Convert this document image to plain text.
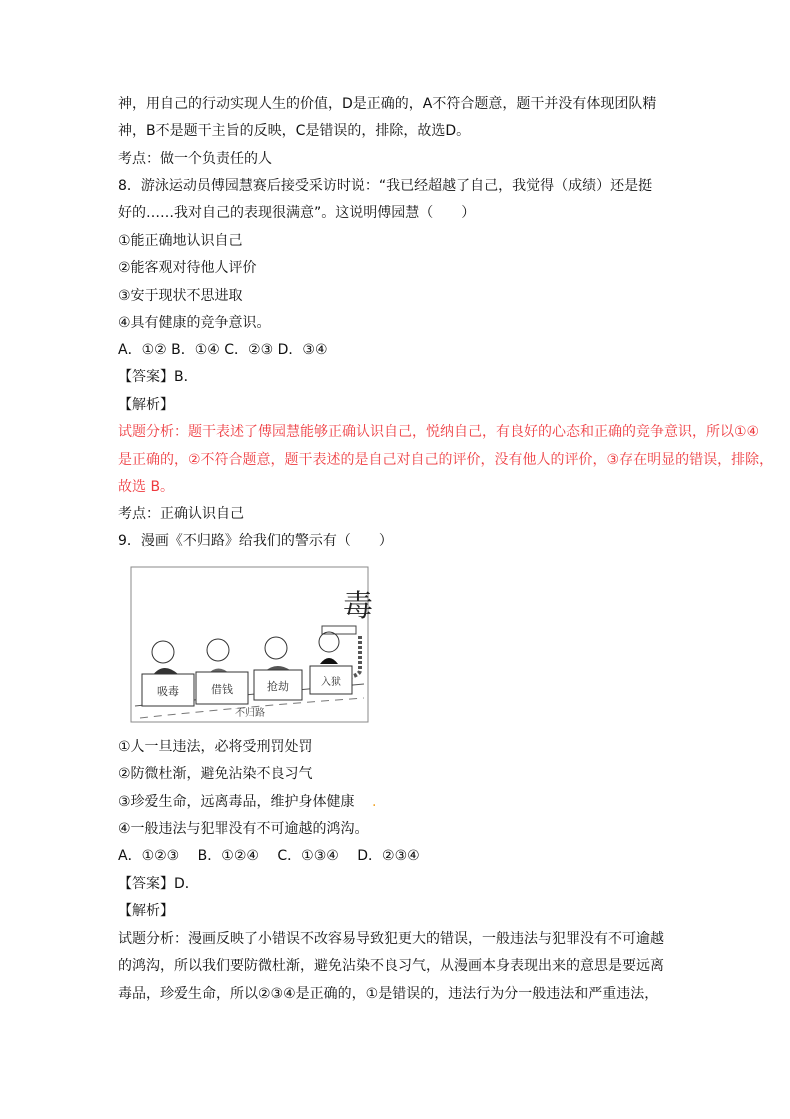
神，用自己的行动实现人生的价值，D是正确的，A不符合题意，题干并没有体现团队精
神，B不是题干主旨的反映，C是错误的，排除，故选D。
考点：做一个负责任的人
8．游泳运动员傅园慧赛后接受采访时说：“我已经超越了自己，我觉得（成绩）还是挺
好的……我对自己的表现很满意”。这说明傅园慧（　　）
①能正确地认识自己
②能客观对待他人评价
③安于现状不思进取
④具有健康的竞争意识。
A．①② B．①④ C．②③ D．③④
【答案】B．
【解析】
试题分析：题干表述了傅园慧能够正确认识自己，悦纳自己，有良好的心态和正确的竞争意识，所以①④
是正确的，②不符合题意，题干表述的是自己对自己的评价，没有他人的评价，③存在明显的错误，排除，
故选 B。
考点：正确认识自己
9．漫画《不归路》给我们的警示有（　　）
毒
吸毒	借钱	抢劫	入狱
不归路
①人一旦违法，必将受刑罚处罚
②防微杜渐，避免沾染不良习气
③珍爱生命，远离毒品，维护身体健康 .
④一般违法与犯罪没有不可逾越的鸿沟。
A．①②③　 B．①②④　 C．①③④　 D．②③④
【答案】D．
【解析】
试题分析：漫画反映了小错误不改容易导致犯更大的错误，一般违法与犯罪没有不可逾越
的鸿沟，所以我们要防微杜渐，避免沾染不良习气，从漫画本身表现出来的意思是要远离
毒品，珍爱生命，所以②③④是正确的，①是错误的，违法行为分一般违法和严重违法，
